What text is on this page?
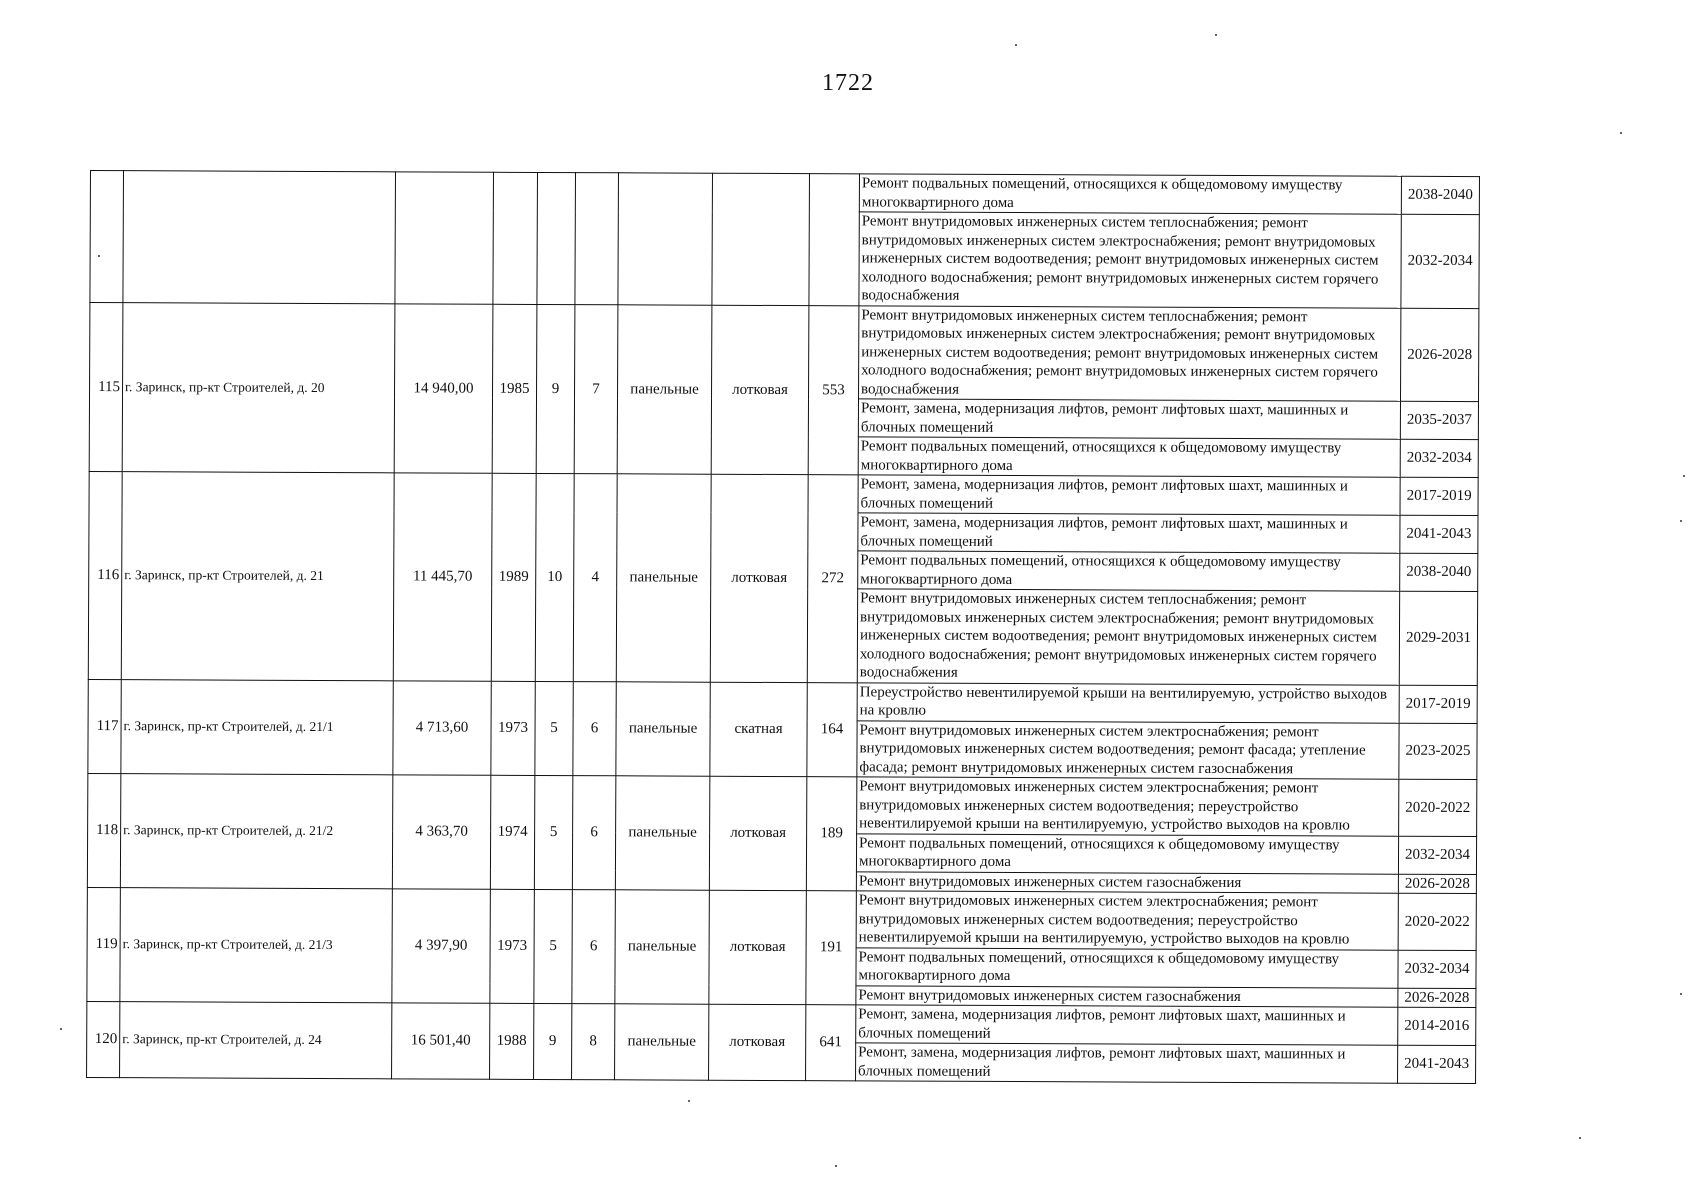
1722
									Ремонт подвальных помещений, относящихся к общедомовому имуществу многоквартирного дома	2038-2040
									Ремонт внутридомовых инженерных систем теплоснабжения; ремонт внутридомовых инженерных систем электроснабжения; ремонт внутридомовых инженерных систем водоотведения; ремонт внутридомовых инженерных систем холодного водоснабжения; ремонт внутридомовых инженерных систем горячего водоснабжения	2032-2034
115	г. Заринск, пр-кт Строителей, д. 20	14 940,00	1985	9	7	панельные	лотковая	553	Ремонт внутридомовых инженерных систем теплоснабжения; ремонт внутридомовых инженерных систем электроснабжения; ремонт внутридомовых инженерных систем водоотведения; ремонт внутридомовых инженерных систем холодного водоснабжения; ремонт внутридомовых инженерных систем горячего водоснабжения	2026-2028
									Ремонт, замена, модернизация лифтов, ремонт лифтовых шахт, машинных и блочных помещений	2035-2037
									Ремонт подвальных помещений, относящихся к общедомовому имуществу многоквартирного дома	2032-2034
116	г. Заринск, пр-кт Строителей, д. 21	11 445,70	1989	10	4	панельные	лотковая	272	Ремонт, замена, модернизация лифтов, ремонт лифтовых шахт, машинных и блочных помещений	2017-2019
									Ремонт, замена, модернизация лифтов, ремонт лифтовых шахт, машинных и блочных помещений	2041-2043
									Ремонт подвальных помещений, относящихся к общедомовому имуществу многоквартирного дома	2038-2040
									Ремонт внутридомовых инженерных систем теплоснабжения; ремонт внутридомовых инженерных систем электроснабжения; ремонт внутридомовых инженерных систем водоотведения; ремонт внутридомовых инженерных систем холодного водоснабжения; ремонт внутридомовых инженерных систем горячего водоснабжения	2029-2031
117	г. Заринск, пр-кт Строителей, д. 21/1	4 713,60	1973	5	6	панельные	скатная	164	Переустройство невентилируемой крыши на вентилируемую, устройство выходов на кровлю	2017-2019
									Ремонт внутридомовых инженерных систем электроснабжения; ремонт внутридомовых инженерных систем водоотведения; ремонт фасада; утепление фасада; ремонт внутридомовых инженерных систем газоснабжения	2023-2025
118	г. Заринск, пр-кт Строителей, д. 21/2	4 363,70	1974	5	6	панельные	лотковая	189	Ремонт внутридомовых инженерных систем электроснабжения; ремонт внутридомовых инженерных систем водоотведения; переустройство невентилируемой крыши на вентилируемую, устройство выходов на кровлю	2020-2022
									Ремонт подвальных помещений, относящихся к общедомовому имуществу многоквартирного дома	2032-2034
									Ремонт внутридомовых инженерных систем газоснабжения	2026-2028
119	г. Заринск, пр-кт Строителей, д. 21/3	4 397,90	1973	5	6	панельные	лотковая	191	Ремонт внутридомовых инженерных систем электроснабжения; ремонт внутридомовых инженерных систем водоотведения; переустройство невентилируемой крыши на вентилируемую, устройство выходов на кровлю	2020-2022
									Ремонт подвальных помещений, относящихся к общедомовому имуществу многоквартирного дома	2032-2034
									Ремонт внутридомовых инженерных систем газоснабжения	2026-2028
120	г. Заринск, пр-кт Строителей, д. 24	16 501,40	1988	9	8	панельные	лотковая	641	Ремонт, замена, модернизация лифтов, ремонт лифтовых шахт, машинных и блочных помещений	2014-2016
									Ремонт, замена, модернизация лифтов, ремонт лифтовых шахт, машинных и блочных помещений	2041-2043
